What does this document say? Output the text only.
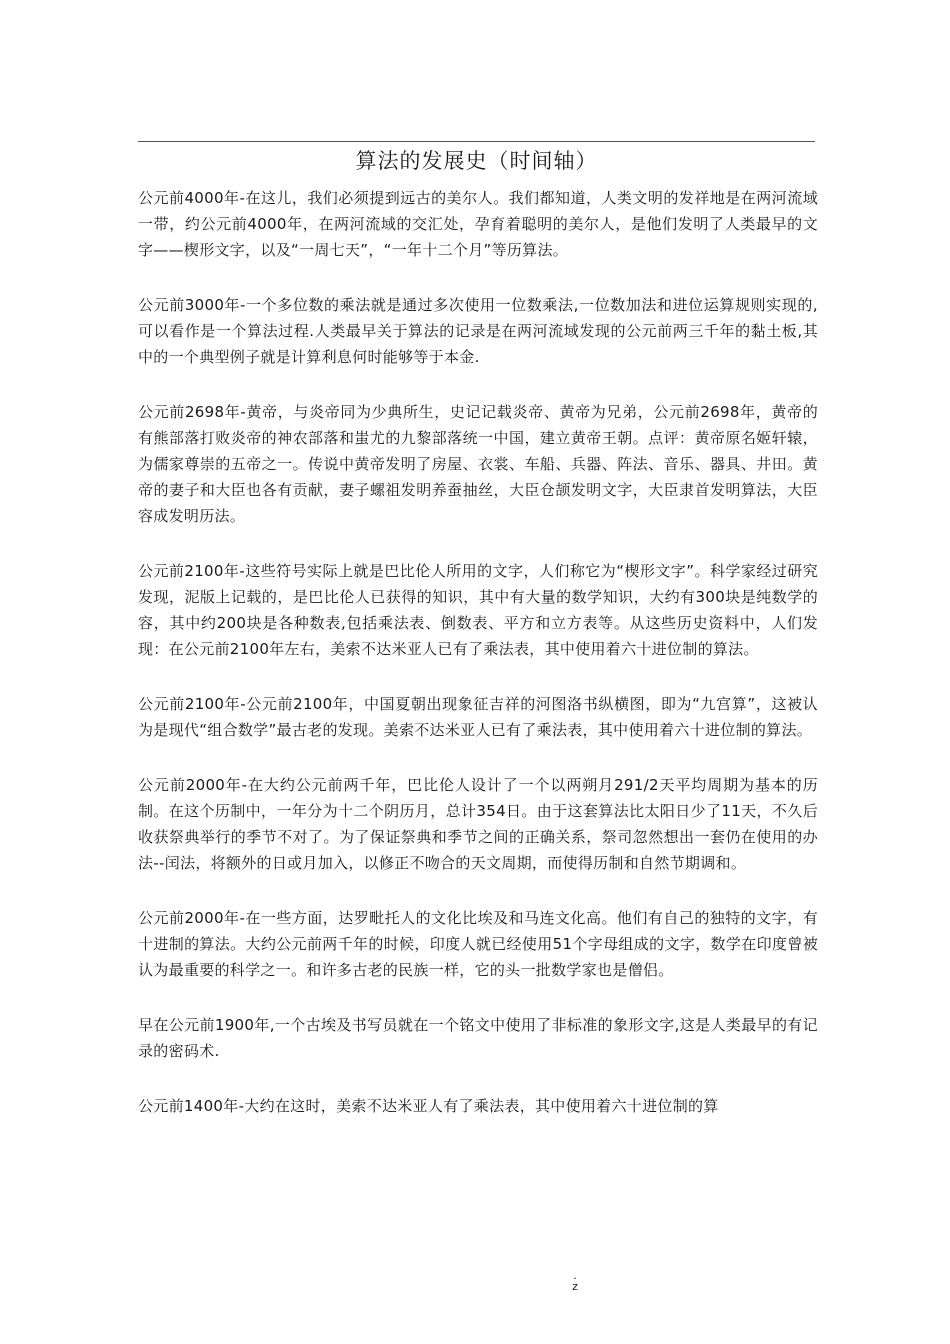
算法的发展史（时间轴）

公元前4000年-在这儿，我们必须提到远古的美尔人。我们都知道，人类文明的发祥地是在两河流域一带，约公元前4000年，在两河流域的交汇处，孕育着聪明的美尔人，是他们发明了人类最早的文字——楔形文字，以及“一周七天”，“一年十二个月”等历算法。

公元前3000年-一个多位数的乘法就是通过多次使用一位数乘法,一位数加法和进位运算规则实现的,可以看作是一个算法过程.人类最早关于算法的记录是在两河流域发现的公元前两三千年的黏土板,其中的一个典型例子就是计算利息何时能够等于本金.

公元前2698年-黄帝，与炎帝同为少典所生，史记记载炎帝、黄帝为兄弟，公元前2698年，黄帝的有熊部落打败炎帝的神农部落和蚩尤的九黎部落统一中国，建立黄帝王朝。点评：黄帝原名姬轩辕，为儒家尊崇的五帝之一。传说中黄帝发明了房屋、衣裳、车船、兵器、阵法、音乐、器具、井田。黄帝的妻子和大臣也各有贡献，妻子螺祖发明养蚕抽丝，大臣仓颉发明文字，大臣隶首发明算法，大臣容成发明历法。

公元前2100年-这些符号实际上就是巴比伦人所用的文字，人们称它为“楔形文字”。科学家经过研究发现，泥版上记载的，是巴比伦人已获得的知识，其中有大量的数学知识，大约有300块是纯数学的容，其中约200块是各种数表,包括乘法表、倒数表、平方和立方表等。从这些历史资料中，人们发现：在公元前2100年左右，美索不达米亚人已有了乘法表，其中使用着六十进位制的算法。

公元前2100年-公元前2100年，中国夏朝出现象征吉祥的河图洛书纵横图，即为“九宫算”，这被认为是现代“组合数学”最古老的发现。美索不达米亚人已有了乘法表，其中使用着六十进位制的算法。

公元前2000年-在大约公元前两千年，巴比伦人设计了一个以两朔月291/2天平均周期为基本的历制。在这个历制中，一年分为十二个阴历月，总计354日。由于这套算法比太阳日少了11天，不久后收获祭典举行的季节不对了。为了保证祭典和季节之间的正确关系，祭司忽然想出一套仍在使用的办法--闰法，将额外的日或月加入，以修正不吻合的天文周期，而使得历制和自然节期调和。

公元前2000年-在一些方面，达罗毗托人的文化比埃及和马连文化高。他们有自己的独特的文字，有十进制的算法。大约公元前两千年的时候，印度人就已经使用51个字母组成的文字，数学在印度曾被认为最重要的科学之一。和许多古老的民族一样，它的头一批数学家也是僧侣。

早在公元前1900年,一个古埃及书写员就在一个铭文中使用了非标准的象形文字,这是人类最早的有记录的密码术.

公元前1400年-大约在这时，美索不达米亚人有了乘法表，其中使用着六十进位制的算

.
z
